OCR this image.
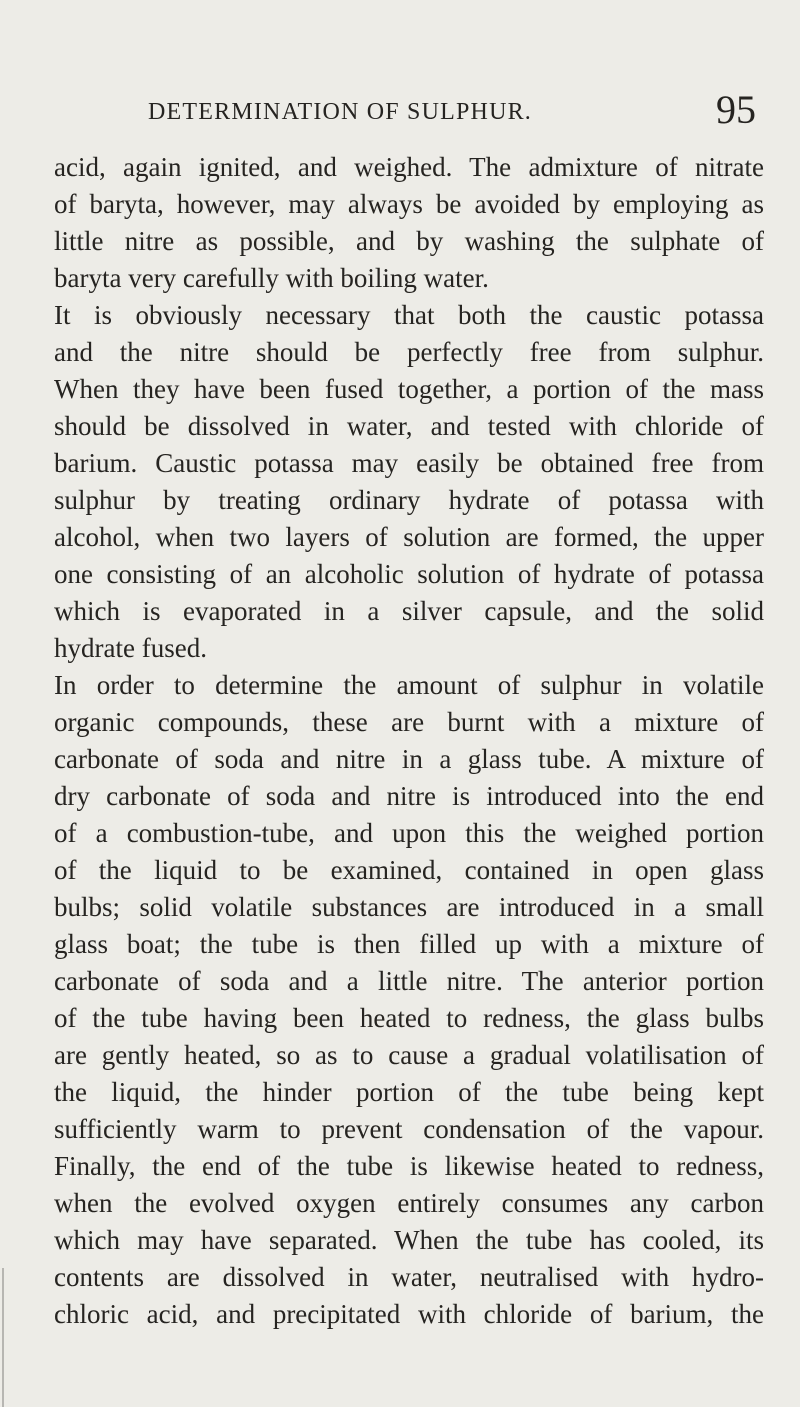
DETERMINATION OF SULPHUR.	95
acid, again ignited, and weighed. The admixture of nitrate
of baryta, however, may always be avoided by employing as
little nitre as possible, and by washing the sulphate of
baryta very carefully with boiling water.
It is obviously necessary that both the caustic potassa
and the nitre should be perfectly free from sulphur.
When they have been fused together, a portion of the mass
should be dissolved in water, and tested with chloride of
barium. Caustic potassa may easily be obtained free from
sulphur by treating ordinary hydrate of potassa with
alcohol, when two layers of solution are formed, the upper
one consisting of an alcoholic solution of hydrate of potassa
which is evaporated in a silver capsule, and the solid
hydrate fused.
In order to determine the amount of sulphur in volatile
organic compounds, these are burnt with a mixture of
carbonate of soda and nitre in a glass tube. A mixture of
dry carbonate of soda and nitre is introduced into the end
of a combustion-tube, and upon this the weighed portion
of the liquid to be examined, contained in open glass
bulbs; solid volatile substances are introduced in a small
glass boat; the tube is then filled up with a mixture of
carbonate of soda and a little nitre. The anterior portion
of the tube having been heated to redness, the glass bulbs
are gently heated, so as to cause a gradual volatilisation of
the liquid, the hinder portion of the tube being kept
sufficiently warm to prevent condensation of the vapour.
Finally, the end of the tube is likewise heated to redness,
when the evolved oxygen entirely consumes any carbon
which may have separated. When the tube has cooled, its
contents are dissolved in water, neutralised with hydro-
chloric acid, and precipitated with chloride of barium, the
